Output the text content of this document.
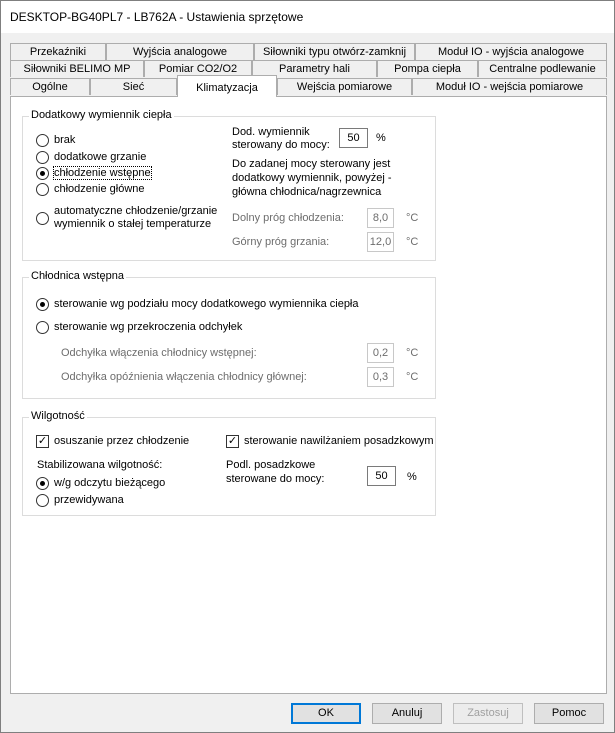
DESKTOP-BG40PL7 - LB762A - Ustawienia sprzętowe
Przekaźniki	Wyjścia analogowe	Siłowniki typu otwórz-zamknij	Moduł IO - wyjścia analogowe
Siłowniki BELIMO MP	Pomiar CO2/O2	Parametry hali	Pompa ciepła	Centralne podlewanie
Ogólne	Sieć	Klimatyzacja	Wejścia pomiarowe	Moduł IO - wejścia pomiarowe
Dodatkowy wymiennik ciepła
brak
dodatkowe grzanie
chłodzenie wstępne
chłodzenie główne
automatyczne chłodzenie/grzanie
wymiennik o stałej temperaturze
Dod. wymiennik
sterowany do mocy:
50	%
Do zadanej mocy sterowany jest
dodatkowy wymiennik, powyżej -
główna chłodnica/nagrzewnica
Dolny próg chłodzenia:	8,0	°C
Górny próg grzania:	12,0 °C
Chłodnica wstępna
sterowanie wg podziału mocy dodatkowego wymiennika ciepła
sterowanie wg przekroczenia odchyłek
Odchyłka włączenia chłodnicy wstępnej:	0,2	°C
Odchyłka opóźnienia włączenia chłodnicy głównej:	0,3	°C
Wilgotność
✓ osuszanie przez chłodzenie	✓ sterowanie nawilżaniem posadzkowym
Stabilizowana wilgotność:
w/g odczytu bieżącego
przewidywana
Podl. posadzkowe
sterowane do mocy:	50	%
OK	Anuluj	Zastosuj	Pomoc
